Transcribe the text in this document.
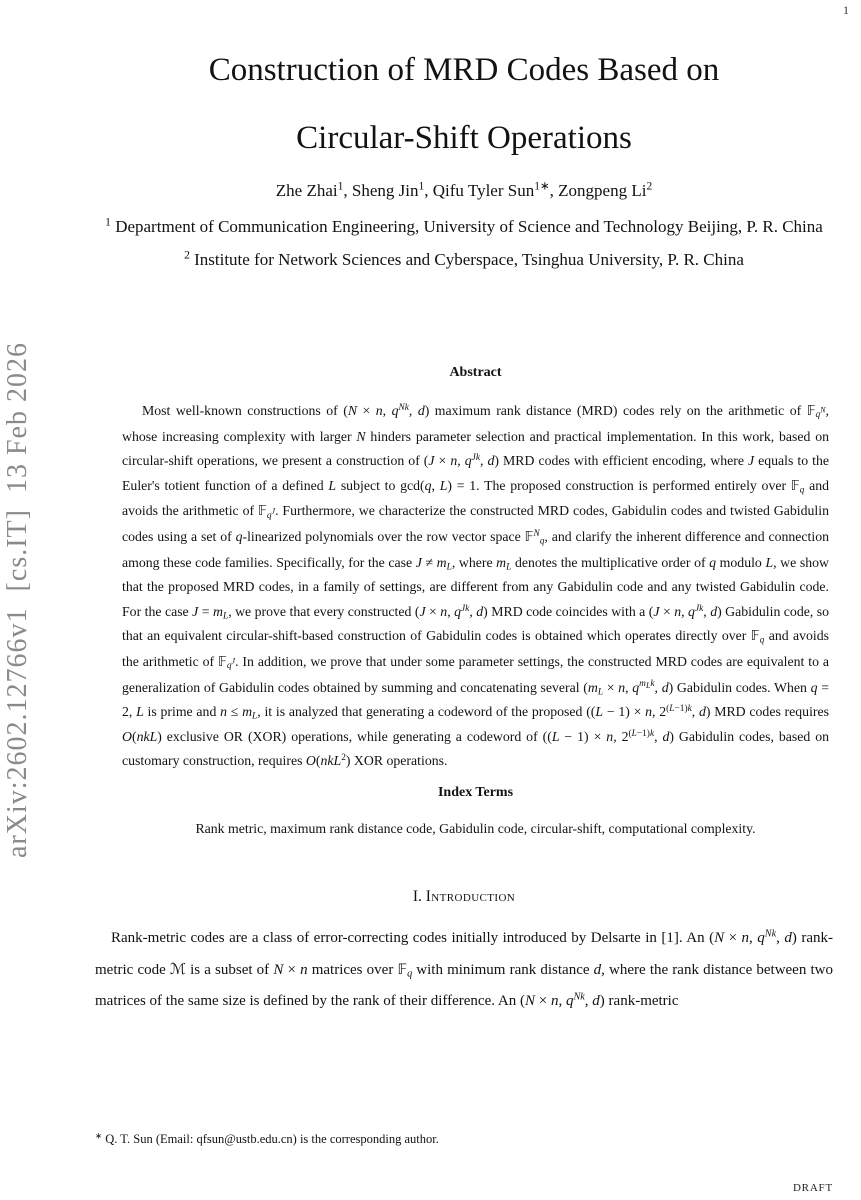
1
arXiv:2602.12766v1  [cs.IT]  13 Feb 2026
Construction of MRD Codes Based on
Circular-Shift Operations
Zhe Zhai$^1$, Sheng Jin$^1$, Qifu Tyler Sun$^{1∗}$, Zongpeng Li$^2$
$^1$ Department of Communication Engineering, University of Science and Technology Beijing, P. R. China
$^2$ Institute for Network Sciences and Cyberspace, Tsinghua University, P. R. China
Abstract

Most well-known constructions of (N × n, $q^{Nk}$, d) maximum rank distance (MRD) codes rely on the arithmetic of 𝔽$_{q^N}$, whose increasing complexity with larger N hinders parameter selection and practical implementation. In this work, based on circular-shift operations, we present a construction of (J × n, $q^{Jk}$, d) MRD codes with efficient encoding, where J equals to the Euler's totient function of a defined L subject to gcd(q, L) = 1. The proposed construction is performed entirely over 𝔽$_q$ and avoids the arithmetic of 𝔽$_{q^J}$. Furthermore, we characterize the constructed MRD codes, Gabidulin codes and twisted Gabidulin codes using a set of q-linearized polynomials over the row vector space 𝔽$^N_q$, and clarify the inherent difference and connection among these code families. Specifically, for the case $J \ne m_L$, where $m_L$ denotes the multiplicative order of q modulo L, we show that the proposed MRD codes, in a family of settings, are different from any Gabidulin code and any twisted Gabidulin code. For the case $J = m_L$, we prove that every constructed (J × n, $q^{Jk}$, d) MRD code coincides with a (J × n, $q^{Jk}$, d) Gabidulin code, so that an equivalent circular-shift-based construction of Gabidulin codes is obtained which operates directly over 𝔽$_q$ and avoids the arithmetic of 𝔽$_{q^J}$. In addition, we prove that under some parameter settings, the constructed MRD codes are equivalent to a generalization of Gabidulin codes obtained by summing and concatenating several ($m_L \times n$, $q^{m_Lk}$, d) Gabidulin codes. When q = 2, L is prime and $n \le m_L$, it is analyzed that generating a codeword of the proposed ((L − 1) × n, $2^{(L-1)k}$, d) MRD codes requires O(nkL) exclusive OR (XOR) operations, while generating a codeword of ((L − 1) × n, $2^{(L-1)k}$, d) Gabidulin codes, based on customary construction, requires O(nkL$^2$) XOR operations.

Index Terms

Rank metric, maximum rank distance code, Gabidulin code, circular-shift, computational complexity.

I. Introduction

Rank-metric codes are a class of error-correcting codes initially introduced by Delsarte in [1]. An (N × n, $q^{Nk}$, d) rank-metric code ℳ is a subset of N × n matrices over 𝔽$_q$ with minimum rank distance d, where the rank distance between two matrices of the same size is defined by the rank of their difference. An (N × n, $q^{Nk}$, d) rank-metric

∗ Q. T. Sun (Email: qfsun@ustb.edu.cn) is the corresponding author.
DRAFT
